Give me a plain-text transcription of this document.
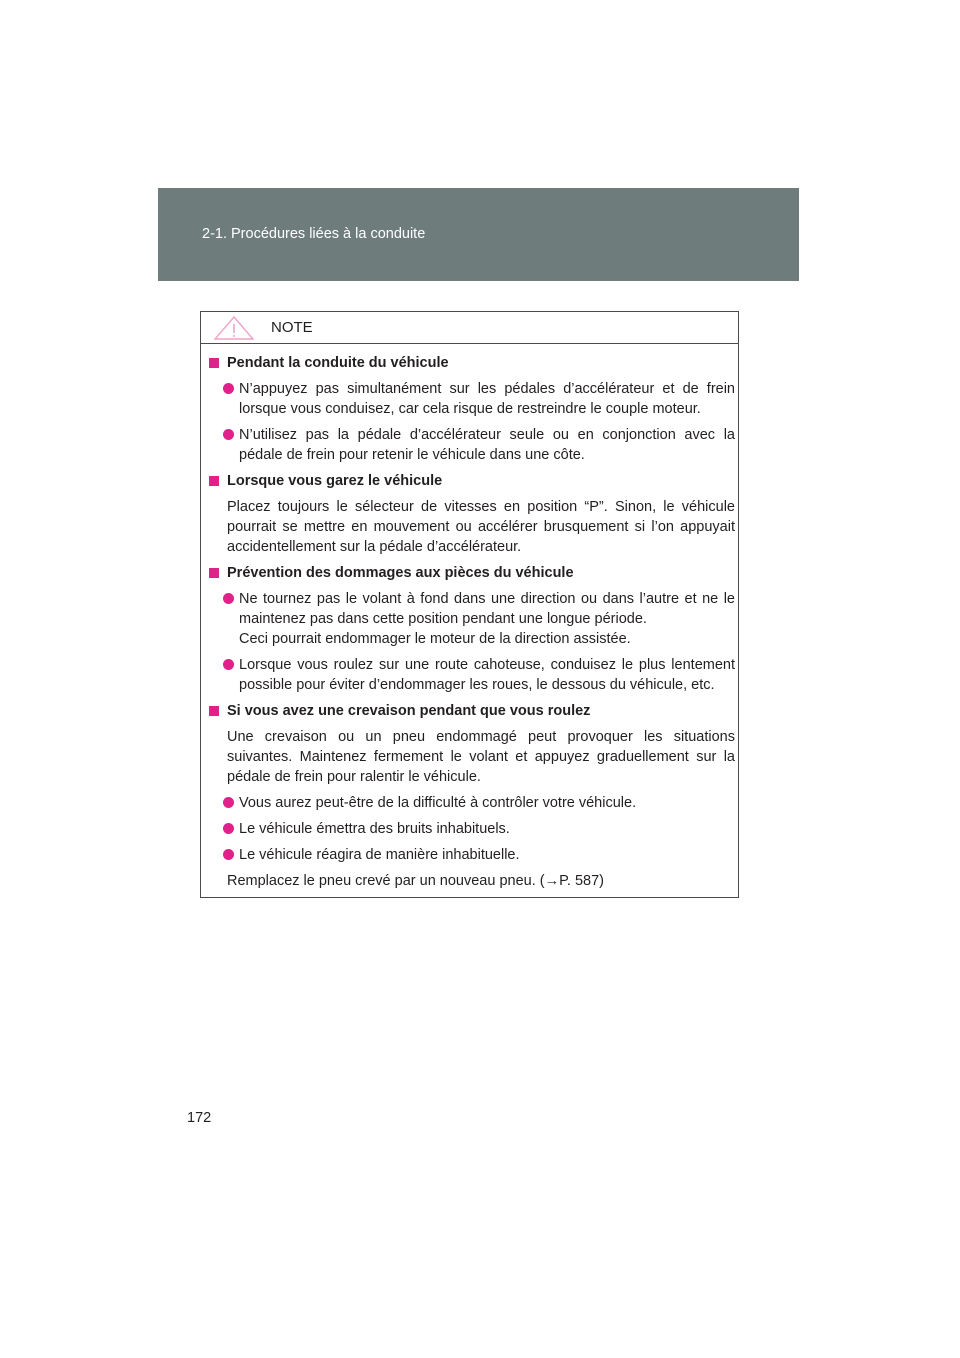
2-1. Procédures liées à la conduite
NOTE
Pendant la conduite du véhicule
N’appuyez pas simultanément sur les pédales d’accélérateur et de frein lorsque vous conduisez, car cela risque de restreindre le couple moteur.
N’utilisez pas la pédale d’accélérateur seule ou en conjonction avec la pédale de frein pour retenir le véhicule dans une côte.
Lorsque vous garez le véhicule
Placez toujours le sélecteur de vitesses en position “P”. Sinon, le véhicule pourrait se mettre en mouvement ou accélérer brusquement si l’on appuyait accidentellement sur la pédale d’accélérateur.
Prévention des dommages aux pièces du véhicule
Ne tournez pas le volant à fond dans une direction ou dans l’autre et ne le maintenez pas dans cette position pendant une longue période.
Ceci pourrait endommager le moteur de la direction assistée.
Lorsque vous roulez sur une route cahoteuse, conduisez le plus lentement possible pour éviter d’endommager les roues, le dessous du véhicule, etc.
Si vous avez une crevaison pendant que vous roulez
Une crevaison ou un pneu endommagé peut provoquer les situations suivantes. Maintenez fermement le volant et appuyez graduellement sur la pédale de frein pour ralentir le véhicule.
Vous aurez peut-être de la difficulté à contrôler votre véhicule.
Le véhicule émettra des bruits inhabituels.
Le véhicule réagira de manière inhabituelle.
Remplacez le pneu crevé par un nouveau pneu. (→P. 587)
172
